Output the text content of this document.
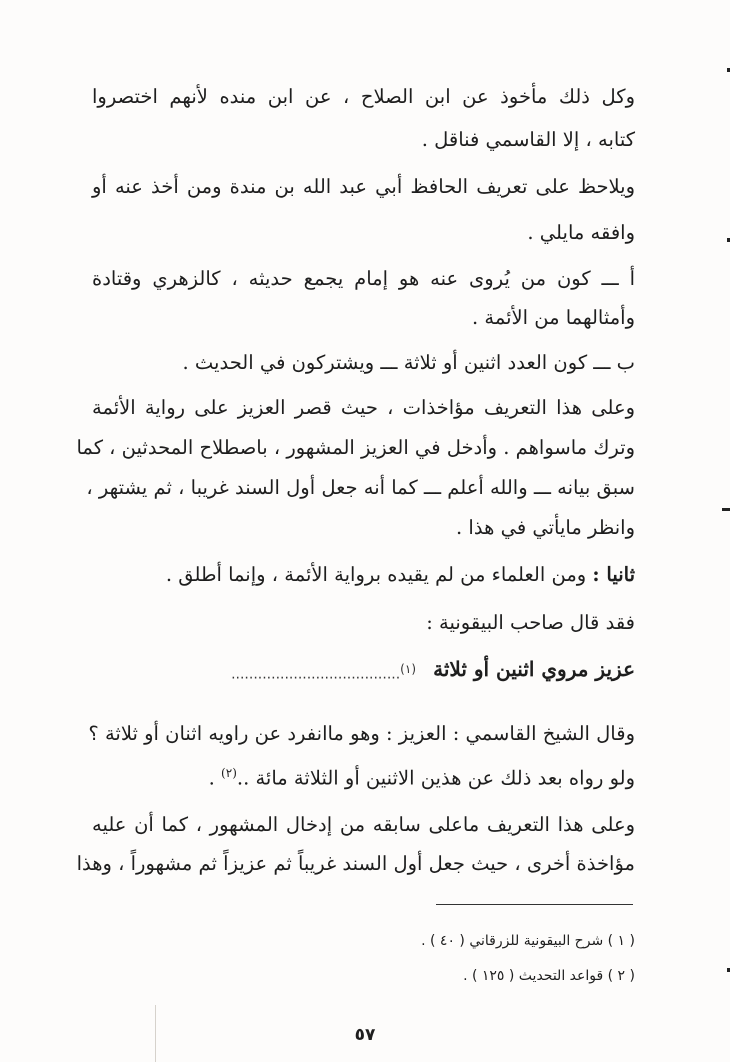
وكل ذلك مأخوذ عن ابن الصلاح ، عن ابن منده لأنهم اختصروا

كتابه ، إلا القاسمي فناقل .

ويلاحظ على تعريف الحافظ أبي عبد الله بن مندة ومن أخذ عنه أو

وافقه مايلي .

أ ـــ كون من يُروى عنه هو إمام يجمع حديثه ، كالزهري وقتادة

وأمثالهما من الأئمة .

ب ـــ كون العدد اثنين أو ثلاثة ـــ ويشتركون في الحديث .

وعلى هذا التعريف مؤاخذات ، حيث قصر العزيز على رواية الأئمة

وترك ماسواهم . وأدخل في العزيز المشهور ، باصطلاح المحدثين ، كما

سبق بيانه ـــ والله أعلم ـــ كما أنه جعل أول السند غريبا ، ثم يشتهر ،

وانظر مايأتي في هذا .

ثانيا : ومن العلماء من لم يقيده برواية الأئمة ، وإنما أطلق .

فقد قال صاحب البيقونية :

عزيز مروي اثنين أو ثلاثة

(١)......................................

وقال الشيخ القاسمي : العزيز : وهو ماانفرد عن راويه اثنان أو ثلاثة ؟

ولو رواه بعد ذلك عن هذين الاثنين أو الثلاثة مائة ..$^{(٢)}$ .

وعلى هذا التعريف ماعلى سابقه من إدخال المشهور ، كما أن عليه

مؤاخذة أخرى ، حيث جعل أول السند غريباً ثم عزيزاً ثم مشهوراً ، وهذا

( ١ ) شرح البيقونية للزرقاني ( ٤٠ ) .
( ٢ ) قواعد التحديث ( ١٢٥ ) .
٥٧
